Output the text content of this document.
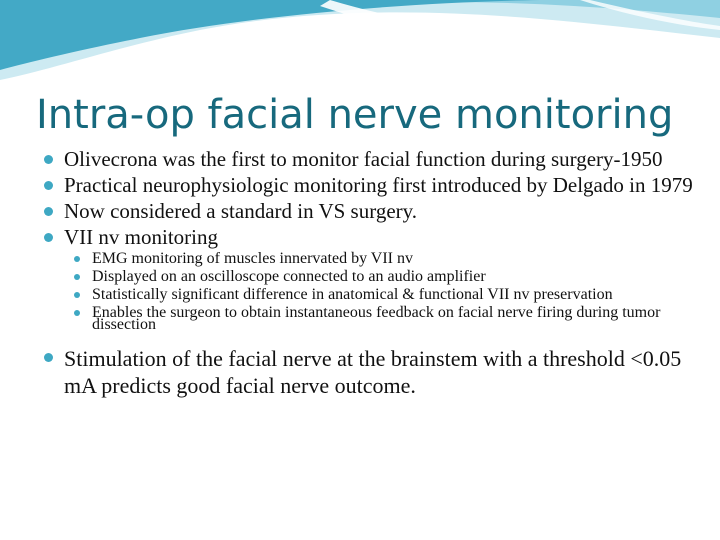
Intra-op facial nerve monitoring
Olivecrona was the first to monitor facial function during surgery-1950
Practical neurophysiologic monitoring first introduced by Delgado in 1979
Now considered a standard in VS surgery.
VII nv monitoring
EMG monitoring of muscles innervated by VII nv
Displayed on an oscilloscope connected to an audio amplifier
Statistically significant difference in anatomical & functional VII nv preservation
Enables the surgeon to obtain instantaneous feedback on facial nerve firing during tumor dissection
Stimulation of the facial nerve at the brainstem with a threshold <0.05 mA predicts good facial nerve outcome.
